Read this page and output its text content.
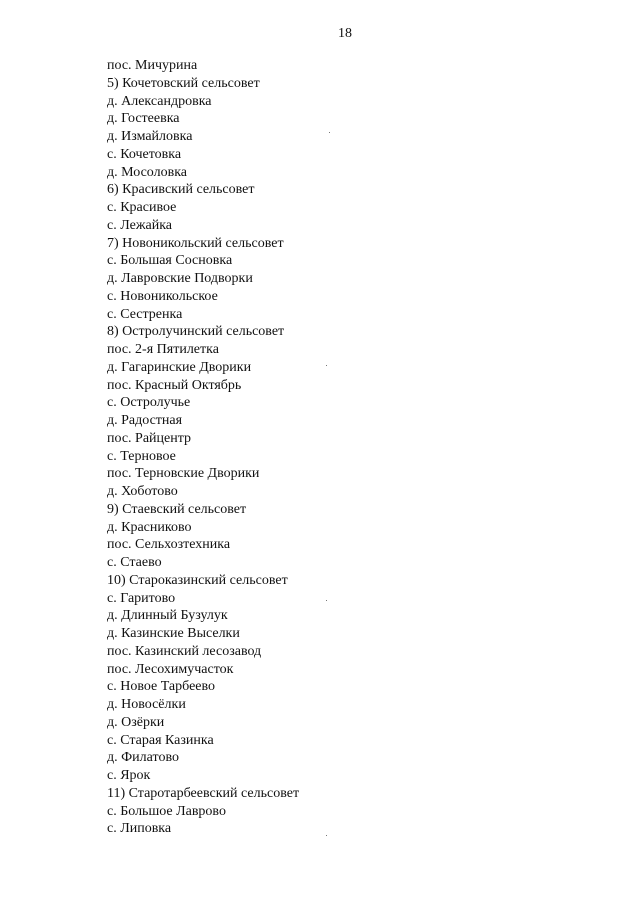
18
пос. Мичурина
5) Кочетовский сельсовет
д. Александровка
д. Гостеевка
д. Измайловка
с. Кочетовка
д. Мосоловка
6) Красивский сельсовет
с. Красивое
с. Лежайка
7) Новоникольский сельсовет
с. Большая Сосновка
д. Лавровские Подворки
с. Новоникольское
с. Сестренка
8) Остролучинский сельсовет
пос. 2-я Пятилетка
д. Гагаринские Дворики
пос. Красный Октябрь
с. Остролучье
д. Радостная
пос. Райцентр
с. Терновое
пос. Терновские Дворики
д. Хоботово
9) Стаевский сельсовет
д. Красниково
пос. Сельхозтехника
с. Стаево
10) Староказинский сельсовет
с. Гаритово
д. Длинный Бузулук
д. Казинские Выселки
пос. Казинский лесозавод
пос. Лесохимучасток
с. Новое Тарбеево
д. Новосёлки
д. Озёрки
с. Старая Казинка
д. Филатово
с. Ярок
11) Старотарбеевский сельсовет
с. Большое Лаврово
с. Липовка
